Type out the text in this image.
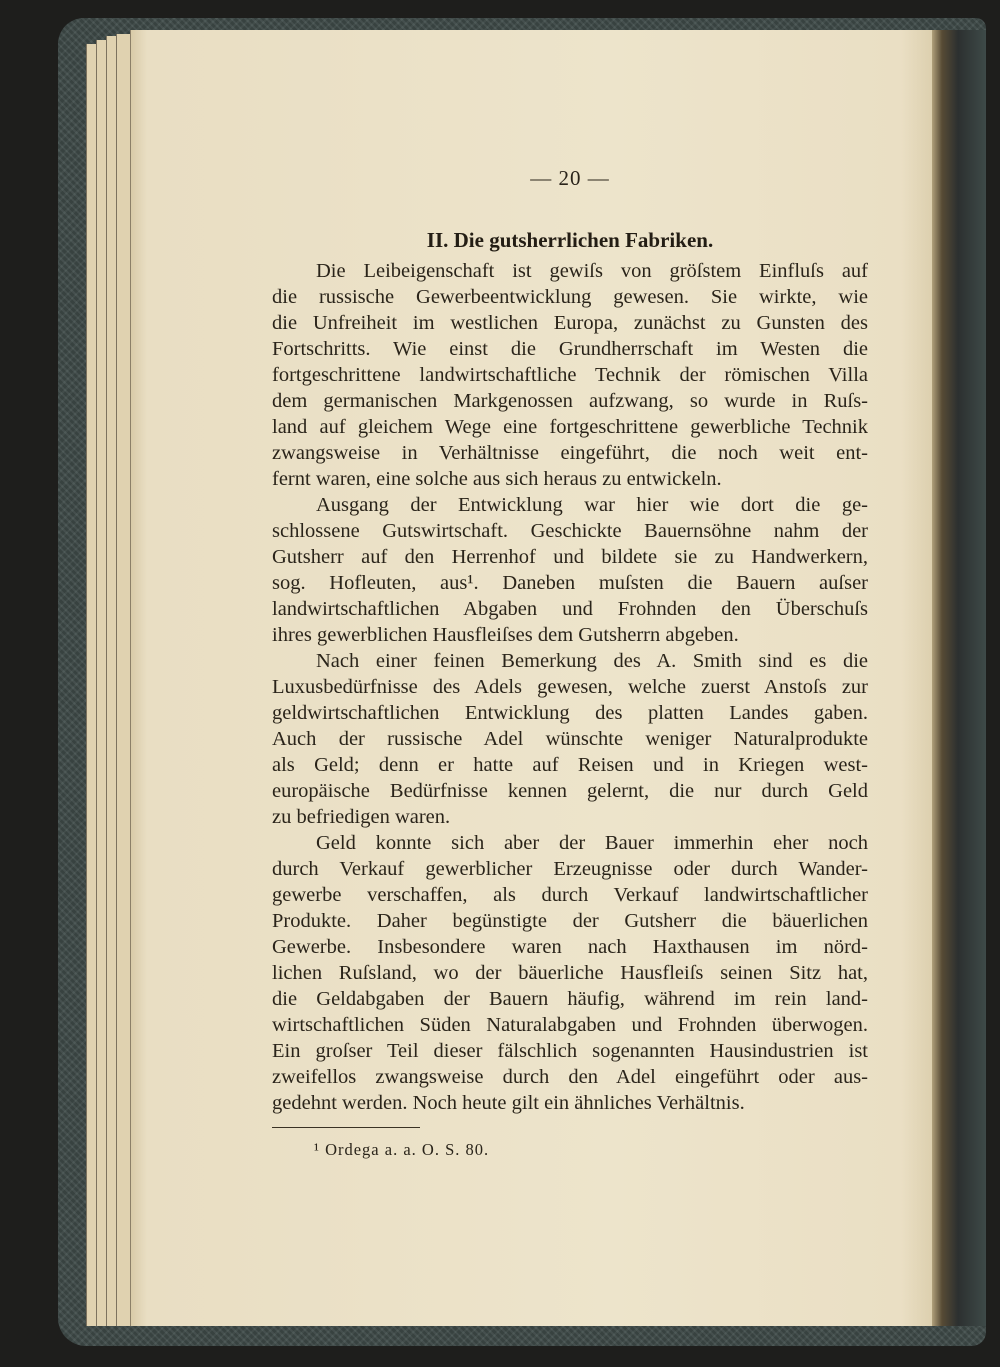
— 20 —
II. Die gutsherrlichen Fabriken.
Die Leibeigenschaft ist gewiſs von gröſstem Einfluſs auf
die russische Gewerbeentwicklung gewesen. Sie wirkte, wie
die Unfreiheit im westlichen Europa, zunächst zu Gunsten des
Fortschritts. Wie einst die Grundherrschaft im Westen die
fortgeschrittene landwirtschaftliche Technik der römischen Villa
dem germanischen Markgenossen aufzwang, so wurde in Ruſs-
land auf gleichem Wege eine fortgeschrittene gewerbliche Technik
zwangsweise in Verhältnisse eingeführt, die noch weit ent-
fernt waren, eine solche aus sich heraus zu entwickeln.
Ausgang der Entwicklung war hier wie dort die ge-
schlossene Gutswirtschaft. Geschickte Bauernsöhne nahm der
Gutsherr auf den Herrenhof und bildete sie zu Handwerkern,
sog. Hofleuten, aus¹. Daneben muſsten die Bauern auſser
landwirtschaftlichen Abgaben und Frohnden den Überschuſs
ihres gewerblichen Hausfleiſses dem Gutsherrn abgeben.
Nach einer feinen Bemerkung des A. Smith sind es die
Luxusbedürfnisse des Adels gewesen, welche zuerst Anstoſs zur
geldwirtschaftlichen Entwicklung des platten Landes gaben.
Auch der russische Adel wünschte weniger Naturalprodukte
als Geld; denn er hatte auf Reisen und in Kriegen west-
europäische Bedürfnisse kennen gelernt, die nur durch Geld
zu befriedigen waren.
Geld konnte sich aber der Bauer immerhin eher noch
durch Verkauf gewerblicher Erzeugnisse oder durch Wander-
gewerbe verschaffen, als durch Verkauf landwirtschaftlicher
Produkte. Daher begünstigte der Gutsherr die bäuerlichen
Gewerbe. Insbesondere waren nach Haxthausen im nörd-
lichen Ruſsland, wo der bäuerliche Hausfleiſs seinen Sitz hat,
die Geldabgaben der Bauern häufig, während im rein land-
wirtschaftlichen Süden Naturalabgaben und Frohnden überwogen.
Ein groſser Teil dieser fälschlich sogenannten Hausindustrien ist
zweifellos zwangsweise durch den Adel eingeführt oder aus-
gedehnt werden. Noch heute gilt ein ähnliches Verhältnis.
¹ Ordega a. a. O. S. 80.
